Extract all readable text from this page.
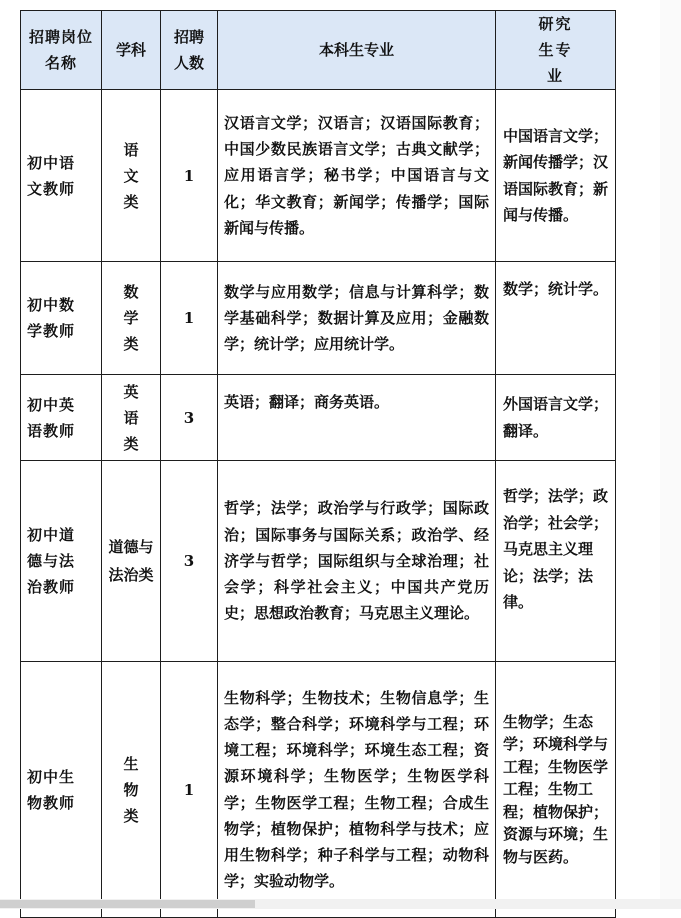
招聘岗位名称	学科	招聘人数	本科生专业	研究生专业

初中语文教师	语文类	1	汉语言文学；汉语言；汉语国际教育；中国少数民族语言文学；古典文献学；应用语言学；秘书学；中国语言与文化；华文教育；新闻学；传播学；国际新闻与传播。	中国语言文学；新闻传播学；汉语国际教育；新闻与传播。

初中数学教师	数学类	1	数学与应用数学；信息与计算科学；数学基础科学；数据计算及应用；金融数学；统计学；应用统计学。	数学；统计学。

初中英语教师	英语类	3	英语；翻译；商务英语。	外国语言文学；翻译。

初中道德与法治教师	道德与法治类	3	哲学；法学；政治学与行政学；国际政治；国际事务与国际关系；政治学、经济学与哲学；国际组织与全球治理；社会学；科学社会主义；中国共产党历史；思想政治教育；马克思主义理论。	哲学；法学；政治学；社会学；马克思主义理论；法学；法律。

初中生物教师	生物类	1	生物科学；生物技术；生物信息学；生态学；整合科学；环境科学与工程；环境工程；环境科学；环境生态工程；资源环境科学；生物医学；生物医学科学；生物医学工程；生物工程；合成生物学；植物保护；植物科学与技术；应用生物科学；种子科学与工程；动物科学；实验动物学。	生物学；生态学；环境科学与工程；生物医学工程；生物工程；植物保护；资源与环境；生物与医药。
